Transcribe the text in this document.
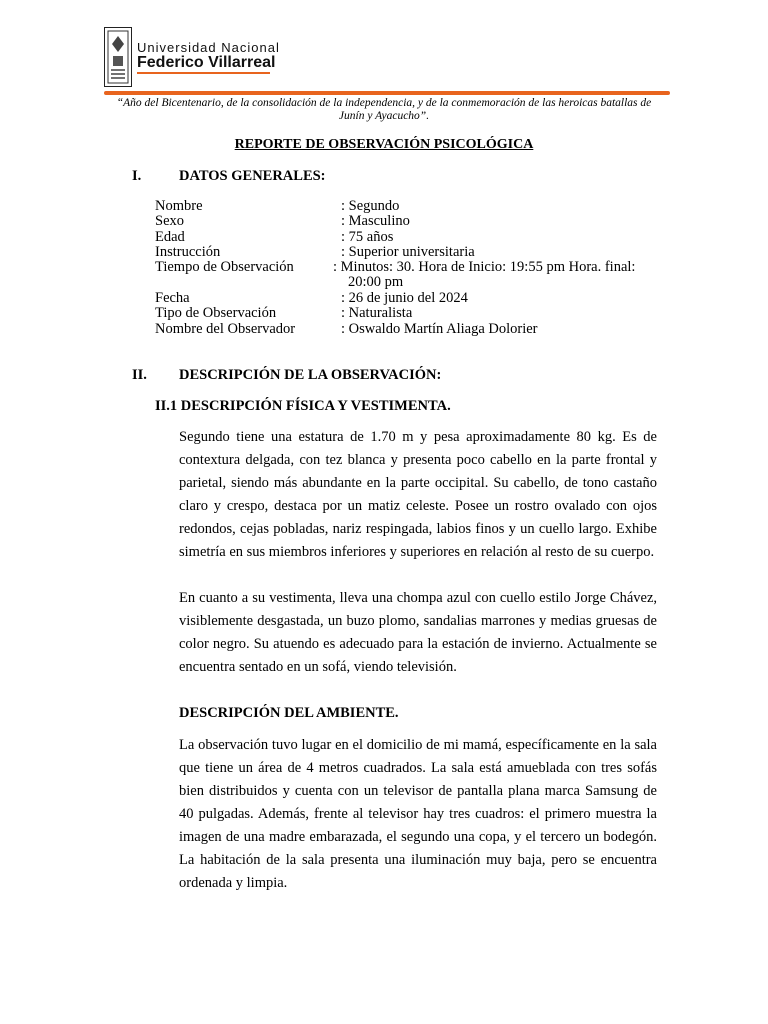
Universidad Nacional
Federico Villarreal
“Año del Bicentenario, de la consolidación de la independencia, y de la conmemoración de las heroicas batallas de
Junín y Ayacucho”.
REPORTE DE OBSERVACIÓN PSICOLÓGICA
I.	DATOS GENERALES:
Nombre	: Segundo
Sexo	: Masculino
Edad	: 75 años
Instrucción	: Superior universitaria
Tiempo de Observación	: Minutos: 30. Hora de Inicio: 19:55 pm Hora. final:
20:00 pm
Fecha	: 26 de junio del 2024
Tipo de Observación	: Naturalista
Nombre del Observador	: Oswaldo Martín Aliaga Dolorier
II. DESCRIPCIÓN DE LA OBSERVACIÓN:
II.1 DESCRIPCIÓN FÍSICA Y VESTIMENTA.
Segundo tiene una estatura de 1.70 m y pesa aproximadamente 80 kg. Es de contextura delgada, con tez blanca y presenta poco cabello en la parte frontal y parietal, siendo más abundante en la parte occipital. Su cabello, de tono castaño claro y crespo, destaca por un matiz celeste. Posee un rostro ovalado con ojos redondos, cejas pobladas, nariz respingada, labios finos y un cuello largo. Exhibe simetría en sus miembros inferiores y superiores en relación al resto de su cuerpo.
En cuanto a su vestimenta, lleva una chompa azul con cuello estilo Jorge Chávez, visiblemente desgastada, un buzo plomo, sandalias marrones y medias gruesas de color negro. Su atuendo es adecuado para la estación de invierno. Actualmente se encuentra sentado en un sofá, viendo televisión.
DESCRIPCIÓN DEL AMBIENTE.
La observación tuvo lugar en el domicilio de mi mamá, específicamente en la sala que tiene un área de 4 metros cuadrados. La sala está amueblada con tres sofás bien distribuidos y cuenta con un televisor de pantalla plana marca Samsung de 40 pulgadas. Además, frente al televisor hay tres cuadros: el primero muestra la imagen de una madre embarazada, el segundo una copa, y el tercero un bodegón. La habitación de la sala presenta una iluminación muy baja, pero se encuentra ordenada y limpia.
